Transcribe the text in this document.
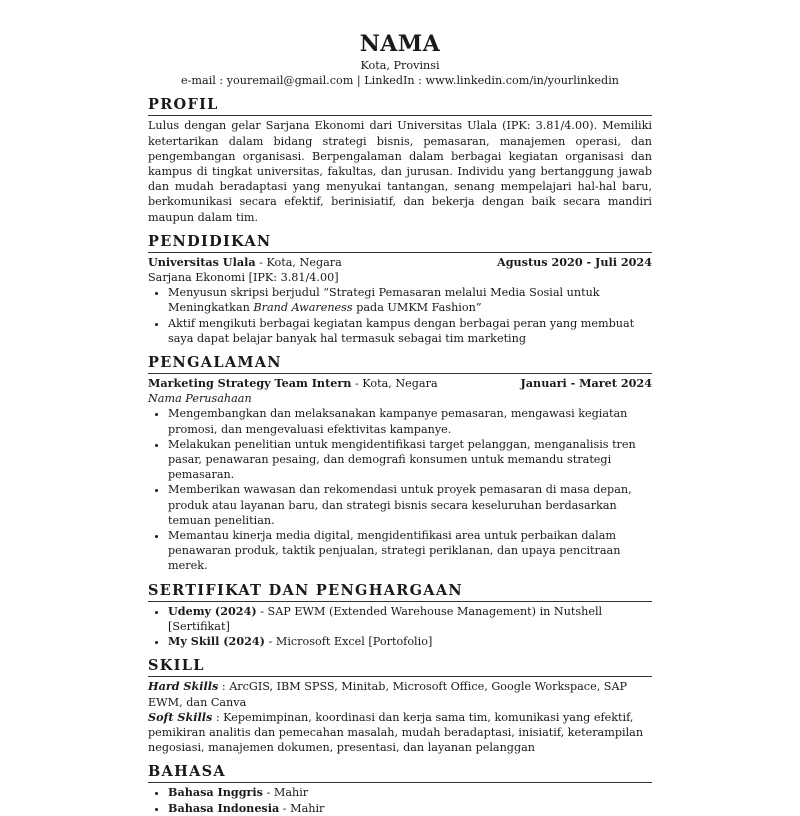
NAMA
Kota, Provinsi
e-mail : youremail@gmail.com | LinkedIn : www.linkedin.com/in/yourlinkedin
PROFIL
Lulus dengan gelar Sarjana Ekonomi dari Universitas Ulala (IPK: 3.81/4.00). Memiliki ketertarikan dalam bidang strategi bisnis, pemasaran, manajemen operasi, dan pengembangan organisasi. Berpengalaman dalam berbagai kegiatan organisasi dan kampus di tingkat universitas, fakultas, dan jurusan. Individu yang bertanggung jawab dan mudah beradaptasi yang menyukai tantangan, senang mempelajari hal-hal baru, berkomunikasi secara efektif, berinisiatif, dan bekerja dengan baik secara mandiri maupun dalam tim.
PENDIDIKAN
Universitas Ulala - Kota, Negara	Agustus 2020 - Juli 2024
Sarjana Ekonomi [IPK: 3.81/4.00]
• Menyusun skripsi berjudul “Strategi Pemasaran melalui Media Sosial untuk Meningkatkan Brand Awareness pada UMKM Fashion”
• Aktif mengikuti berbagai kegiatan kampus dengan berbagai peran yang membuat saya dapat belajar banyak hal termasuk sebagai tim marketing
PENGALAMAN
Marketing Strategy Team Intern - Kota, Negara	Januari - Maret 2024
Nama Perusahaan
• Mengembangkan dan melaksanakan kampanye pemasaran, mengawasi kegiatan promosi, dan mengevaluasi efektivitas kampanye.
• Melakukan penelitian untuk mengidentifikasi target pelanggan, menganalisis tren pasar, penawaran pesaing, dan demografi konsumen untuk memandu strategi pemasaran.
• Memberikan wawasan dan rekomendasi untuk proyek pemasaran di masa depan, produk atau layanan baru, dan strategi bisnis secara keseluruhan berdasarkan temuan penelitian.
• Memantau kinerja media digital, mengidentifikasi area untuk perbaikan dalam penawaran produk, taktik penjualan, strategi periklanan, dan upaya pencitraan merek.
SERTIFIKAT DAN PENGHARGAAN
• Udemy (2024) - SAP EWM (Extended Warehouse Management) in Nutshell [Sertifikat]
• My Skill (2024) - Microsoft Excel [Portofolio]
SKILL
Hard Skills : ArcGIS, IBM SPSS, Minitab, Microsoft Office, Google Workspace, SAP EWM, dan Canva
Soft Skills : Kepemimpinan, koordinasi dan kerja sama tim, komunikasi yang efektif, pemikiran analitis dan pemecahan masalah, mudah beradaptasi, inisiatif, keterampilan negosiasi, manajemen dokumen, presentasi, dan layanan pelanggan
BAHASA
• Bahasa Inggris - Mahir
• Bahasa Indonesia - Mahir
